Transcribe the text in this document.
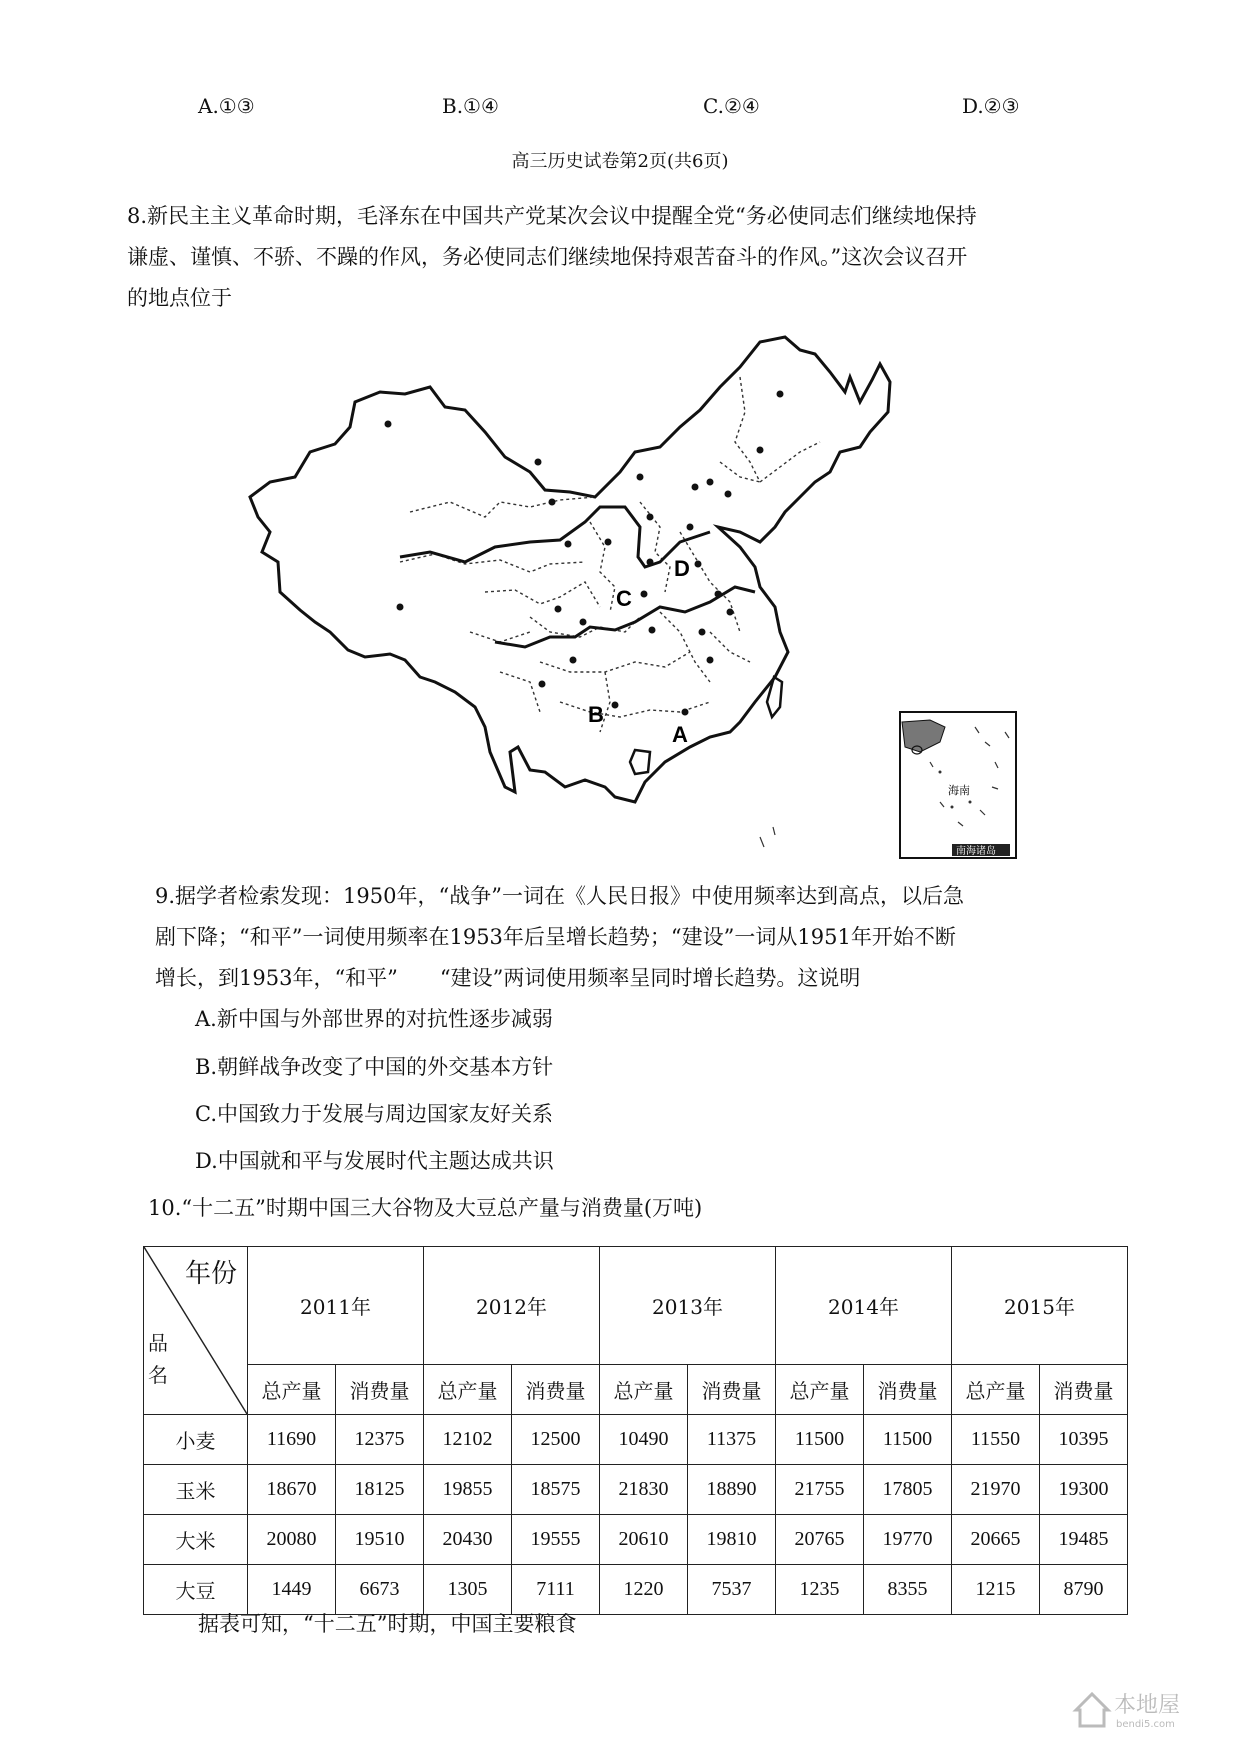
A.①③	B.①④	C.②④	D.②③
高三历史试卷第2页(共6页)
8.新民主主义革命时期，毛泽东在中国共产党某次会议中提醒全党“务必使同志们继续地保持
谦虚、谨慎、不骄、不躁的作风，务必使同志们继续地保持艰苦奋斗的作风。”这次会议召开
的地点位于
A
B
C
D
海南
南海诸岛
9.据学者检索发现：1950年，“战争”一词在《人民日报》中使用频率达到高点，以后急
剧下降；“和平”一词使用频率在1953年后呈增长趋势；“建设”一词从1951年开始不断
增长，到1953年，“和平”　　“建设”两词使用频率呈同时增长趋势。这说明
A.新中国与外部世界的对抗性逐步减弱
B.朝鲜战争改变了中国的外交基本方针
C.中国致力于发展与周边国家友好关系
D.中国就和平与发展时代主题达成共识
10.“十二五”时期中国三大谷物及大豆总产量与消费量(万吨)
年份
品名	2011年		2012年		2013年		2014年		2015年	
	总产量	消费量	总产量	消费量	总产量	消费量	总产量	消费量	总产量	消费量
小麦	11690	12375	12102	12500	10490	11375	11500	11500	11550	10395
玉米	18670	18125	19855	18575	21830	18890	21755	17805	21970	19300
大米	20080	19510	20430	19555	20610	19810	20765	19770	20665	19485
大豆	1449	6673	1305	7111	1220	7537	1235	8355	1215	8790
据表可知，“十二五”时期，中国主要粮食
本地屋
bendi5.com
